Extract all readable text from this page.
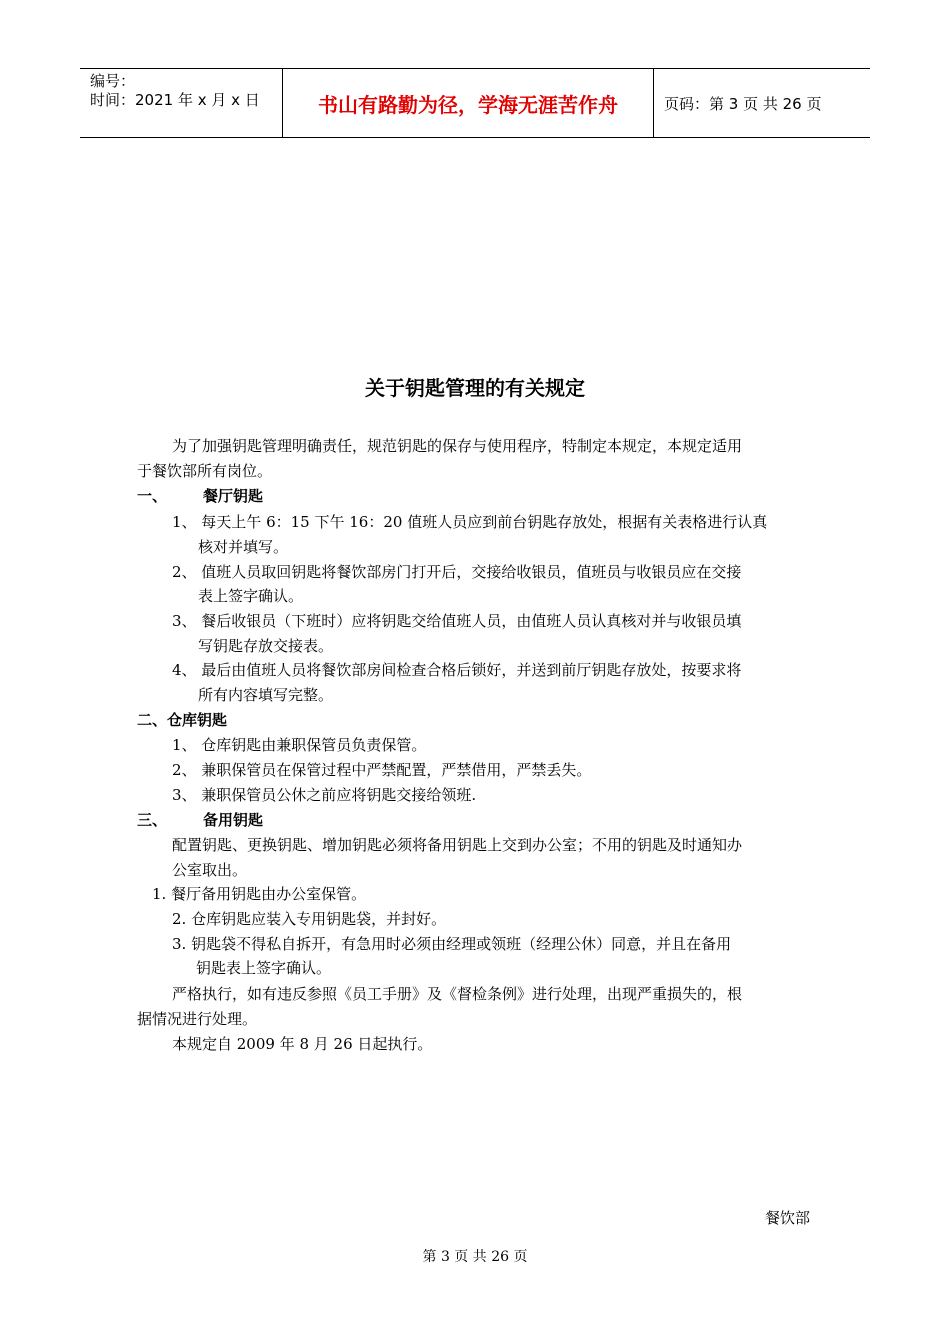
编号：
时间：2021 年 x 月 x 日	书山有路勤为径，学海无涯苦作舟	页码：第 3 页 共 26 页
关于钥匙管理的有关规定
为了加强钥匙管理明确责任，规范钥匙的保存与使用程序，特制定本规定，本规定适用
于餐饮部所有岗位。
一、 餐厅钥匙
1、 每天上午 6：15 下午 16：20 值班人员应到前台钥匙存放处，根据有关表格进行认真
核对并填写。
2、 值班人员取回钥匙将餐饮部房门打开后，交接给收银员，值班员与收银员应在交接
表上签字确认。
3、 餐后收银员（下班时）应将钥匙交给值班人员，由值班人员认真核对并与收银员填
写钥匙存放交接表。
4、 最后由值班人员将餐饮部房间检查合格后锁好，并送到前厅钥匙存放处，按要求将
所有内容填写完整。
二、仓库钥匙
1、 仓库钥匙由兼职保管员负责保管。
2、 兼职保管员在保管过程中严禁配置，严禁借用，严禁丢失。
3、 兼职保管员公休之前应将钥匙交接给领班.
三、 备用钥匙
配置钥匙、更换钥匙、增加钥匙必须将备用钥匙上交到办公室；不用的钥匙及时通知办
公室取出。
1. 餐厅备用钥匙由办公室保管。
2. 仓库钥匙应装入专用钥匙袋，并封好。
3. 钥匙袋不得私自拆开，有急用时必须由经理或领班（经理公休）同意，并且在备用
钥匙表上签字确认。
严格执行，如有违反参照《员工手册》及《督检条例》进行处理，出现严重损失的，根
据情况进行处理。
本规定自 2009 年 8 月 26 日起执行。
餐饮部
第 3 页 共 26 页
